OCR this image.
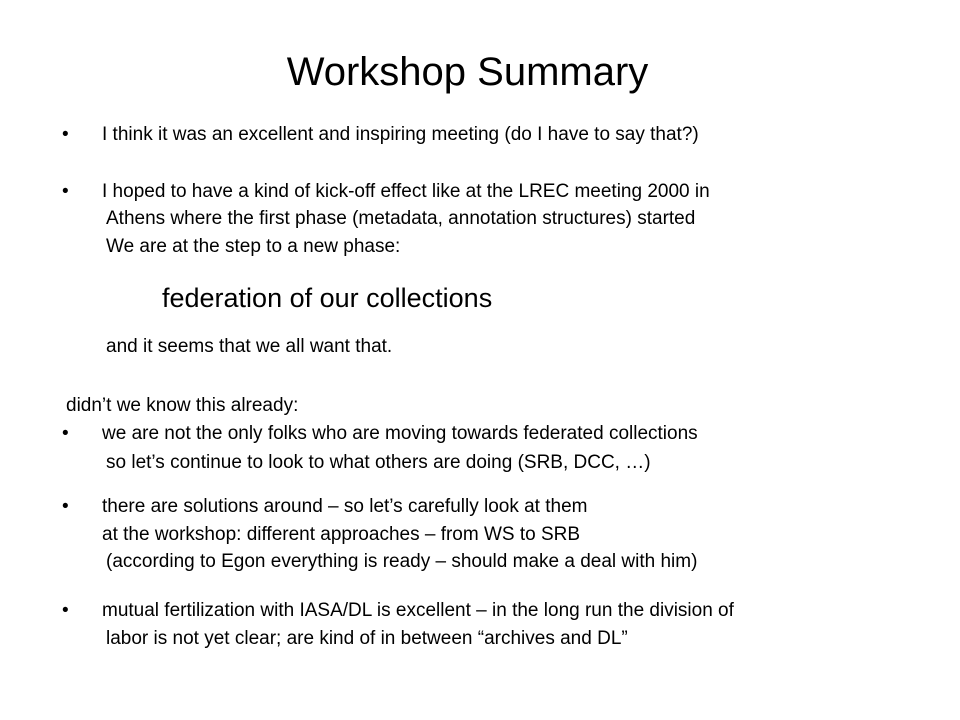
Workshop Summary
• I think it was an excellent and inspiring meeting (do I have to say that?)
• I hoped to have a kind of kick-off effect like at the LREC meeting 2000 in
Athens where the first phase (metadata, annotation structures) started
We are at the step to a new phase:
federation of our collections
and it seems that we all want that.
didn’t we know this already:
• we are not the only folks who are moving towards federated collections
so let’s continue to look to what others are doing (SRB, DCC, …)
• there are solutions around – so let’s carefully look at them
at the workshop: different approaches – from WS to SRB
(according to Egon everything is ready – should make a deal with him)
• mutual fertilization with IASA/DL is excellent – in the long run the division of
labor is not yet clear; are kind of in between “archives and DL”
